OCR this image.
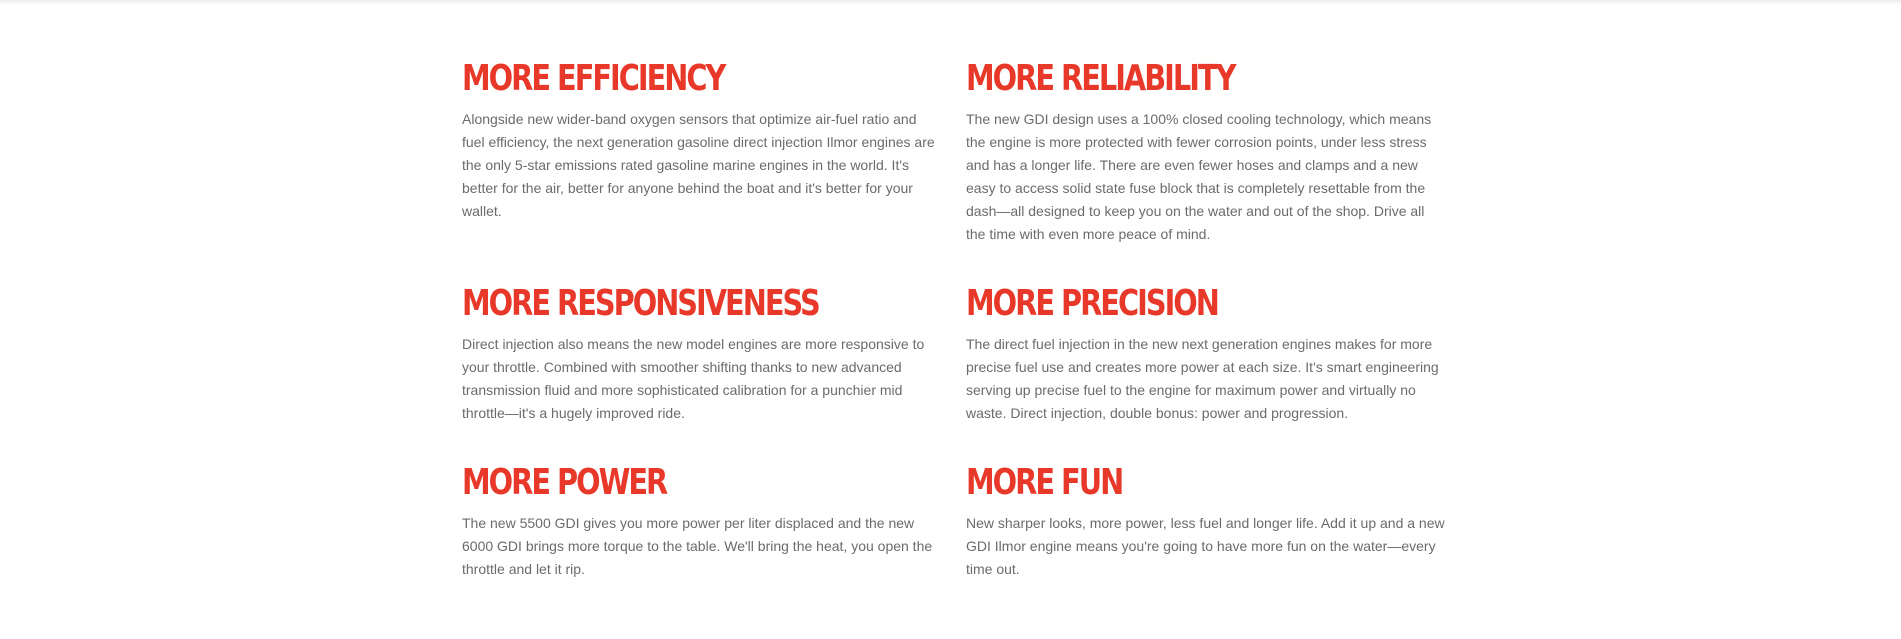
MORE EFFICIENCY

Alongside new wider-band oxygen sensors that optimize air-fuel ratio and fuel efficiency, the next generation gasoline direct injection Ilmor engines are the only 5-star emissions rated gasoline marine engines in the world. It's better for the air, better for anyone behind the boat and it's better for your wallet.

MORE RELIABILITY

The new GDI design uses a 100% closed cooling technology, which means the engine is more protected with fewer corrosion points, under less stress and has a longer life. There are even fewer hoses and clamps and a new easy to access solid state fuse block that is completely resettable from the dash—all designed to keep you on the water and out of the shop. Drive all the time with even more peace of mind.

MORE RESPONSIVENESS

Direct injection also means the new model engines are more responsive to your throttle. Combined with smoother shifting thanks to new advanced transmission fluid and more sophisticated calibration for a punchier mid throttle—it's a hugely improved ride.

MORE PRECISION

The direct fuel injection in the new next generation engines makes for more precise fuel use and creates more power at each size. It's smart engineering serving up precise fuel to the engine for maximum power and virtually no waste. Direct injection, double bonus: power and progression.

MORE POWER

The new 5500 GDI gives you more power per liter displaced and the new 6000 GDI brings more torque to the table. We'll bring the heat, you open the throttle and let it rip.

MORE FUN

New sharper looks, more power, less fuel and longer life. Add it up and a new GDI Ilmor engine means you're going to have more fun on the water—every time out.
